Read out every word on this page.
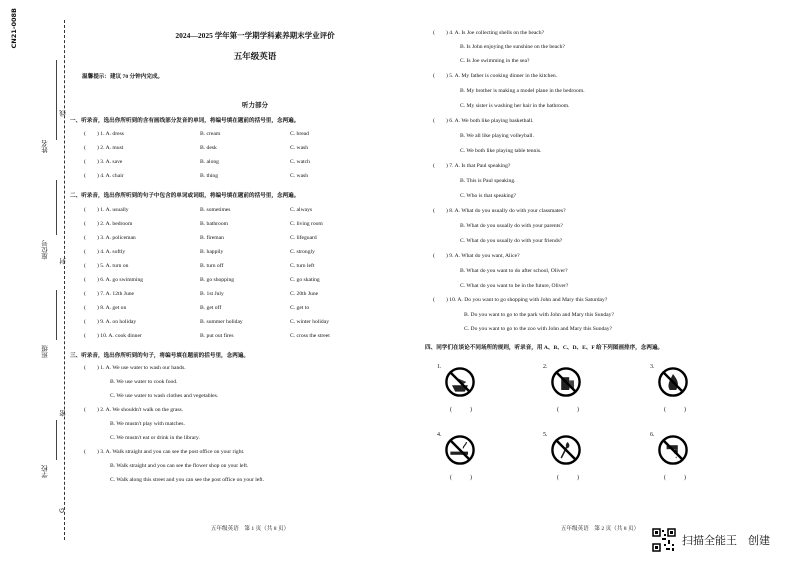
CN21-008B
姓名
座位号
班级
学校
线
封
密
G
2024—2025 学年第一学期学科素养期末学业评价
五年级英语
温馨提示：建议 70 分钟内完成。
听力部分
一、听录音，选出你所听到的含有画线部分发音的单词，将编号填在题前的括号里，念两遍。
(　　) 1. A. dress	B. cream	C. bread
(　　) 2. A. must	B. desk	C. wash
(　　) 3. A. save	B. along	C. watch
(　　) 4. A. chair	B. thing	C. wash
二、听录音，选出你所听到的句子中包含的单词或词组，将编号填在题前的括号里，念两遍。
(　　) 1. A. usually	B. sometimes	C. always
(　　) 2. A. bedroom	B. bathroom	C. living room
(　　) 3. A. policeman	B. fireman	C. lifeguard
(　　) 4. A. softly	B. happily	C. strongly
(　　) 5. A. turn on	B. turn off	C. turn left
(　　) 6. A. go swimming	B. go shopping	C. go skating
(　　) 7. A. 12th June	B. 1st July	C. 20th June
(　　) 8. A. get on	B. get off	C. get to
(　　) 9. A. on holiday	B. summer holiday	C. winter holiday
(　　) 10. A. cook dinner	B. put out fires	C. cross the street
三、听录音，选出你所听到的句子，将编号填在题前的括号里，念两遍。
(　　) 1. A. We use water to wash our hands.
B. We use water to cook food.
C. We use water to wash clothes and vegetables.
(　　) 2. A. We shouldn't walk on the grass.
B. We mustn't play with matches.
C. We mustn't eat or drink in the library.
(　　) 3. A. Walk straight and you can see the post office on your right.
B. Walk straight and you can see the flower shop on your left.
C. Walk along this street and you can see the post office on your left.
五年级英语　第 1 页（共 8 页）
(　　) 4. A. Is Joe collecting shells on the beach?
B. Is John enjoying the sunshine on the beach?
C. Is Joe swimming in the sea?
(　　) 5. A. My father is cooking dinner in the kitchen.
B. My brother is making a model plane in the bedroom.
C. My sister is washing her hair in the bathroom.
(　　) 6. A. We both like playing basketball.
B. We all like playing volleyball.
C. We both like playing table tennis.
(　　) 7. A. Is that Paul speaking?
B. This is Paul speaking.
C. Who is that speaking?
(　　) 8. A. What do you usually do with your classmates?
B. What do you usually do with your parents?
C. What do you usually do with your friends?
(　　) 9. A. What do you want, Alice?
B. What do you want to do after school, Oliver?
C. What do you want to be in the future, Oliver?
(　　) 10. A. Do you want to go shopping with John and Mary this Saturday?
B. Do you want to go to the park with John and Mary this Sunday?
C. Do you want to go to the zoo with John and Mary this Sunday?
四、同学们在谈论不同场所的规则，听录音，用 A、B、C、D、E、F 给下列图画排序，念两遍。
1.
(　　　)
2.
(　　　)
3.
(　　　)
4.
(　　　)
5.
(　　　)
6.
(　　　)
五年级英语　第 2 页（共 8 页）
扫描全能王　创建
